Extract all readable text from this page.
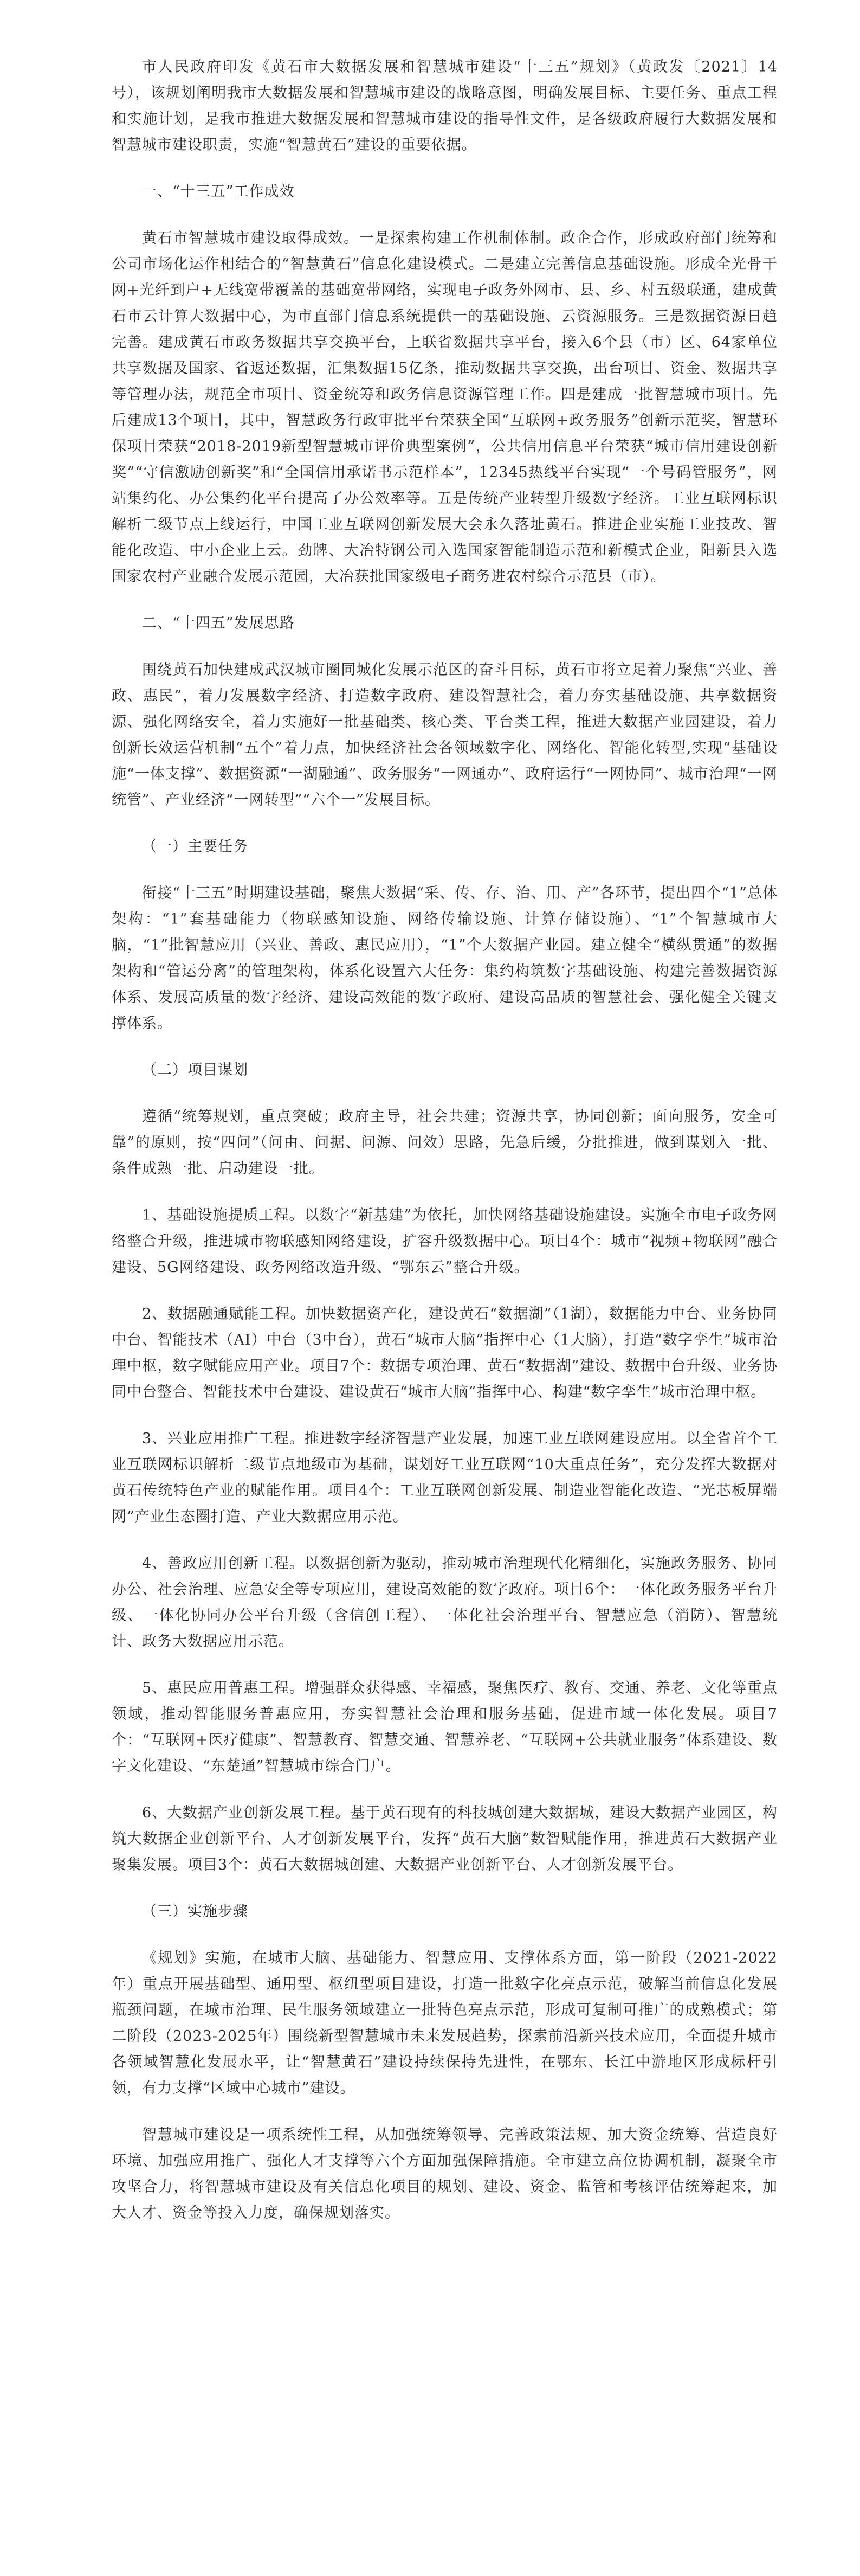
市人民政府印发《黄石市大数据发展和智慧城市建设“十三五”规划》（黄政发〔2021〕14号），该规划阐明我市大数据发展和智慧城市建设的战略意图，明确发展目标、主要任务、重点工程和实施计划，是我市推进大数据发展和智慧城市建设的指导性文件，是各级政府履行大数据发展和智慧城市建设职责，实施“智慧黄石”建设的重要依据。

一、“十三五”工作成效

黄石市智慧城市建设取得成效。一是探索构建工作机制体制。政企合作，形成政府部门统筹和公司市场化运作相结合的“智慧黄石”信息化建设模式。二是建立完善信息基础设施。形成全光骨干网+光纤到户+无线宽带覆盖的基础宽带网络，实现电子政务外网市、县、乡、村五级联通，建成黄石市云计算大数据中心，为市直部门信息系统提供一的基础设施、云资源服务。三是数据资源日趋完善。建成黄石市政务数据共享交换平台，上联省数据共享平台，接入6个县（市）区、64家单位共享数据及国家、省返还数据，汇集数据15亿条，推动数据共享交换，出台项目、资金、数据共享等管理办法，规范全市项目、资金统筹和政务信息资源管理工作。四是建成一批智慧城市项目。先后建成13个项目，其中，智慧政务行政审批平台荣获全国“互联网+政务服务”创新示范奖，智慧环保项目荣获“2018-2019新型智慧城市评价典型案例”，公共信用信息平台荣获“城市信用建设创新奖”“守信激励创新奖”和“全国信用承诺书示范样本”，12345热线平台实现“一个号码管服务”，网站集约化、办公集约化平台提高了办公效率等。五是传统产业转型升级数字经济。工业互联网标识解析二级节点上线运行，中国工业互联网创新发展大会永久落址黄石。推进企业实施工业技改、智能化改造、中小企业上云。劲牌、大冶特钢公司入选国家智能制造示范和新模式企业，阳新县入选国家农村产业融合发展示范园，大冶获批国家级电子商务进农村综合示范县（市）。

二、“十四五”发展思路

围绕黄石加快建成武汉城市圈同城化发展示范区的奋斗目标，黄石市将立足着力聚焦“兴业、善政、惠民”，着力发展数字经济、打造数字政府、建设智慧社会，着力夯实基础设施、共享数据资源、强化网络安全，着力实施好一批基础类、核心类、平台类工程，推进大数据产业园建设，着力创新长效运营机制“五个”着力点，加快经济社会各领域数字化、网络化、智能化转型,实现“基础设施“一体支撑”、数据资源“一湖融通”、政务服务“一网通办”、政府运行“一网协同”、城市治理“一网统管”、产业经济“一网转型”“六个一”发展目标。

（一）主要任务

衔接“十三五”时期建设基础，聚焦大数据“采、传、存、治、用、产”各环节，提出四个“1”总体架构：“1”套基础能力（物联感知设施、网络传输设施、计算存储设施）、“1”个智慧城市大脑，“1”批智慧应用（兴业、善政、惠民应用），“1”个大数据产业园。建立健全“横纵贯通”的数据架构和“管运分离”的管理架构，体系化设置六大任务：集约构筑数字基础设施、构建完善数据资源体系、发展高质量的数字经济、建设高效能的数字政府、建设高品质的智慧社会、强化健全关键支撑体系。

（二）项目谋划

遵循“统筹规划，重点突破；政府主导，社会共建；资源共享，协同创新；面向服务，安全可靠”的原则，按“四问”（问由、问据、问源、问效）思路，先急后缓，分批推进，做到谋划入一批、条件成熟一批、启动建设一批。

1、基础设施提质工程。以数字“新基建”为依托，加快网络基础设施建设。实施全市电子政务网络整合升级，推进城市物联感知网络建设，扩容升级数据中心。项目4个：城市“视频+物联网”融合建设、5G网络建设、政务网络改造升级、“鄂东云”整合升级。

2、数据融通赋能工程。加快数据资产化，建设黄石“数据湖”（1湖），数据能力中台、业务协同中台、智能技术（AI）中台（3中台），黄石“城市大脑”指挥中心（1大脑），打造“数字孪生”城市治理中枢，数字赋能应用产业。项目7个：数据专项治理、黄石“数据湖”建设、数据中台升级、业务协同中台整合、智能技术中台建设、建设黄石“城市大脑”指挥中心、构建“数字孪生”城市治理中枢。

3、兴业应用推广工程。推进数字经济智慧产业发展，加速工业互联网建设应用。以全省首个工业互联网标识解析二级节点地级市为基础，谋划好工业互联网“10大重点任务”，充分发挥大数据对黄石传统特色产业的赋能作用。项目4个：工业互联网创新发展、制造业智能化改造、“光芯板屏端网”产业生态圈打造、产业大数据应用示范。

4、善政应用创新工程。以数据创新为驱动，推动城市治理现代化精细化，实施政务服务、协同办公、社会治理、应急安全等专项应用，建设高效能的数字政府。项目6个：一体化政务服务平台升级、一体化协同办公平台升级（含信创工程）、一体化社会治理平台、智慧应急（消防）、智慧统计、政务大数据应用示范。

5、惠民应用普惠工程。增强群众获得感、幸福感，聚焦医疗、教育、交通、养老、文化等重点领域，推动智能服务普惠应用，夯实智慧社会治理和服务基础，促进市域一体化发展。项目7个：“互联网+医疗健康”、智慧教育、智慧交通、智慧养老、“互联网+公共就业服务”体系建设、数字文化建设、“东楚通”智慧城市综合门户。

6、大数据产业创新发展工程。基于黄石现有的科技城创建大数据城，建设大数据产业园区，构筑大数据企业创新平台、人才创新发展平台，发挥“黄石大脑”数智赋能作用，推进黄石大数据产业聚集发展。项目3个：黄石大数据城创建、大数据产业创新平台、人才创新发展平台。

（三）实施步骤

《规划》实施，在城市大脑、基础能力、智慧应用、支撑体系方面，第一阶段（2021-2022年）重点开展基础型、通用型、枢纽型项目建设，打造一批数字化亮点示范，破解当前信息化发展瓶颈问题，在城市治理、民生服务领域建立一批特色亮点示范，形成可复制可推广的成熟模式；第二阶段（2023-2025年）围绕新型智慧城市未来发展趋势，探索前沿新兴技术应用，全面提升城市各领域智慧化发展水平，让“智慧黄石”建设持续保持先进性，在鄂东、长江中游地区形成标杆引领，有力支撑“区域中心城市”建设。

智慧城市建设是一项系统性工程，从加强统筹领导、完善政策法规、加大资金统筹、营造良好环境、加强应用推广、强化人才支撑等六个方面加强保障措施。全市建立高位协调机制，凝聚全市攻坚合力，将智慧城市建设及有关信息化项目的规划、建设、资金、监管和考核评估统筹起来，加大人才、资金等投入力度，确保规划落实。
